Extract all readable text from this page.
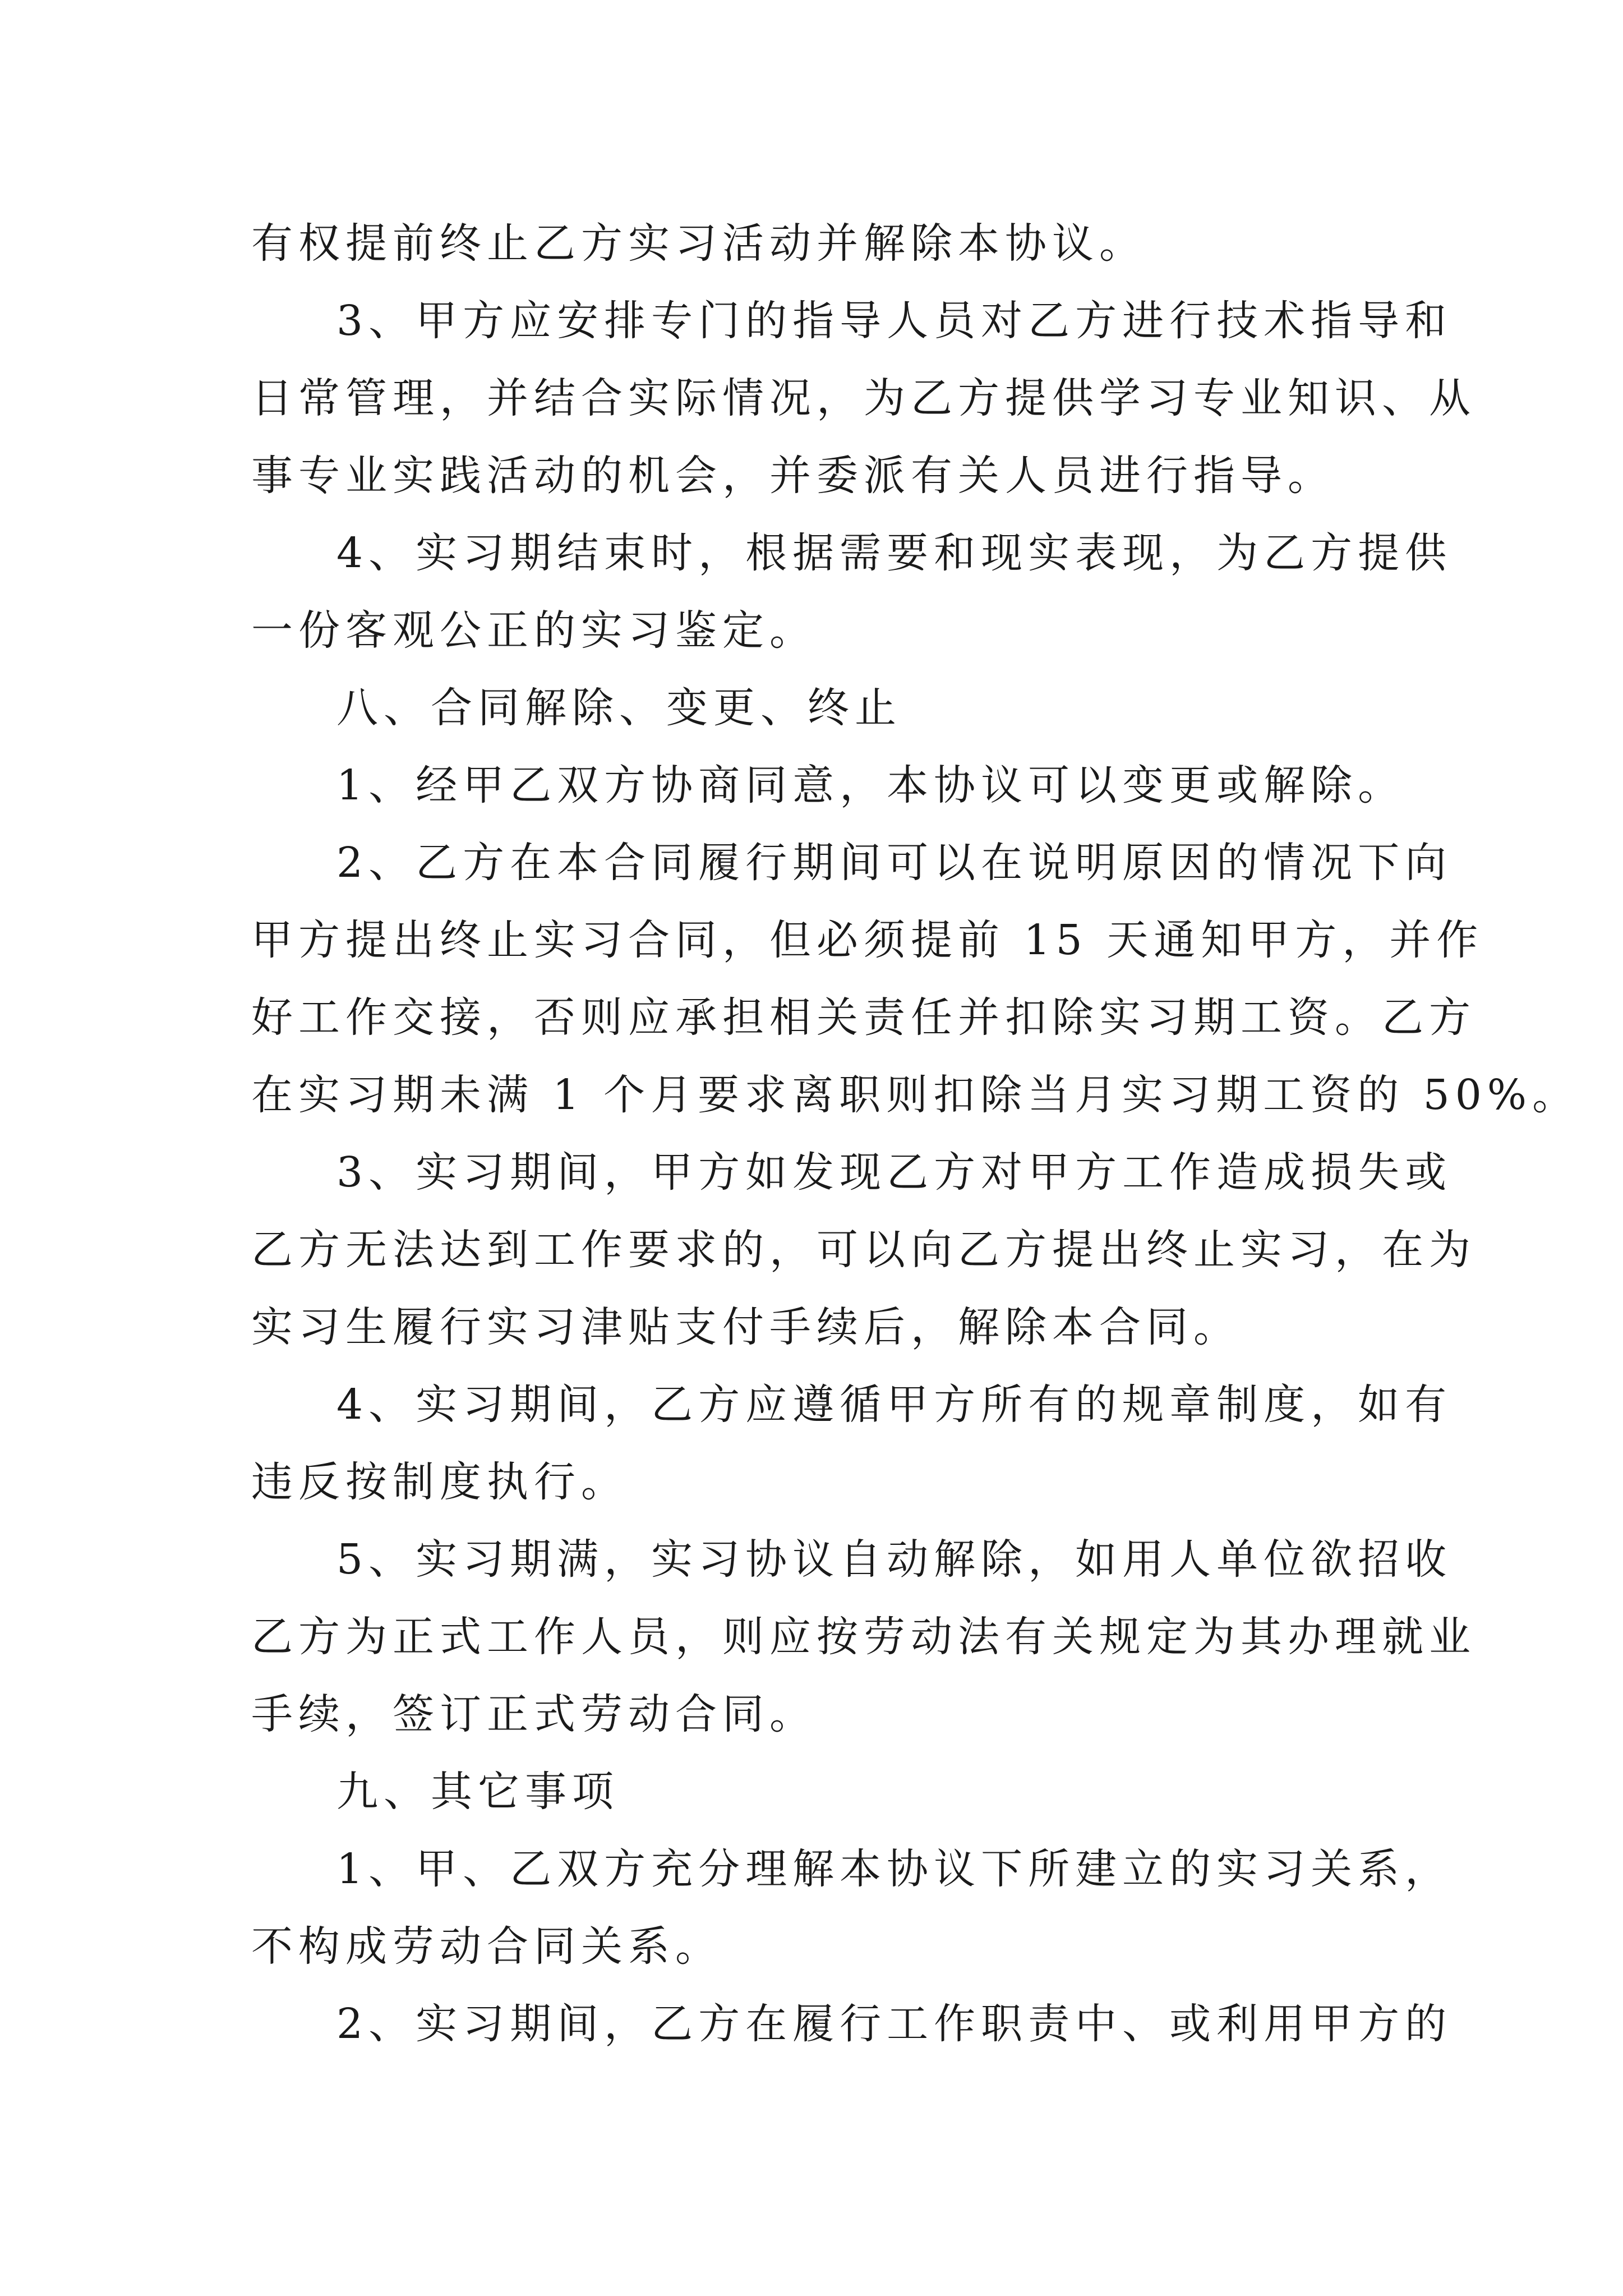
有权提前终止乙方实习活动并解除本协议。
3、甲方应安排专门的指导人员对乙方进行技术指导和
日常管理，并结合实际情况，为乙方提供学习专业知识、从
事专业实践活动的机会，并委派有关人员进行指导。
4、实习期结束时，根据需要和现实表现，为乙方提供
一份客观公正的实习鉴定。
八、合同解除、变更、终止
1、经甲乙双方协商同意，本协议可以变更或解除。
2、乙方在本合同履行期间可以在说明原因的情况下向
甲方提出终止实习合同，但必须提前 15 天通知甲方，并作
好工作交接，否则应承担相关责任并扣除实习期工资。乙方
在实习期未满 1 个月要求离职则扣除当月实习期工资的 50%。
3、实习期间，甲方如发现乙方对甲方工作造成损失或
乙方无法达到工作要求的，可以向乙方提出终止实习，在为
实习生履行实习津贴支付手续后，解除本合同。
4、实习期间，乙方应遵循甲方所有的规章制度，如有
违反按制度执行。
5、实习期满，实习协议自动解除，如用人单位欲招收
乙方为正式工作人员，则应按劳动法有关规定为其办理就业
手续，签订正式劳动合同。
九、其它事项
1、甲、乙双方充分理解本协议下所建立的实习关系，
不构成劳动合同关系。
2、实习期间，乙方在履行工作职责中、或利用甲方的
